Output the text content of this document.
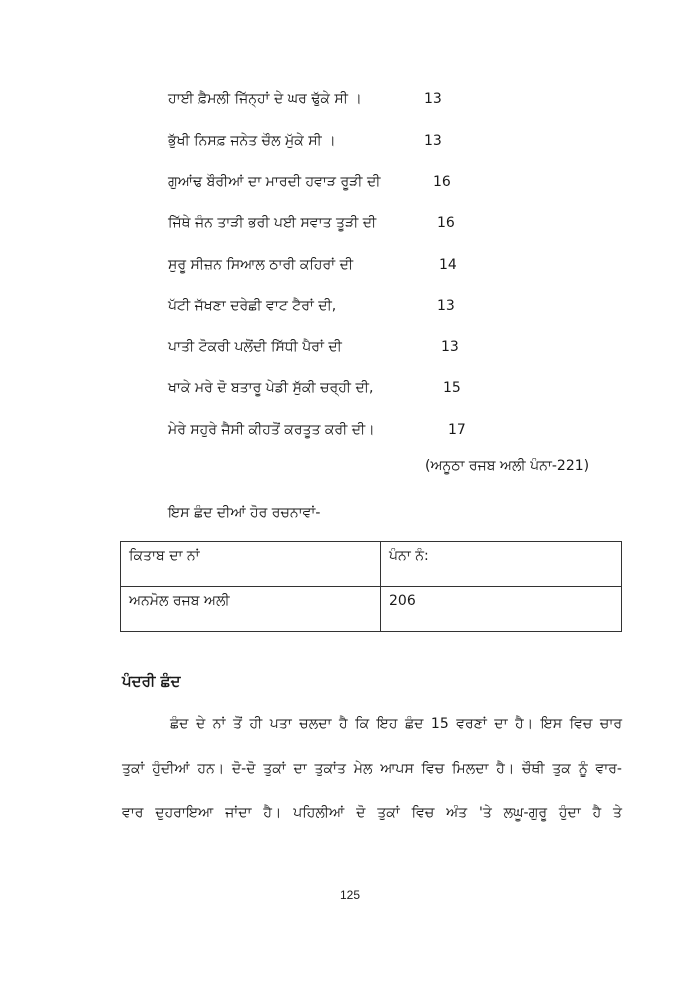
ਹਾਈ ਫ਼ੈਮਲੀ ਜਿੱਨ੍ਹਾਂ ਦੇ ਘਰ ਢੁੱਕੇ ਸੀ ।	13
ਭੁੱਖੀ ਨਿਸਫ਼ ਜਨੇਤ ਚੌਲ ਮੁੱਕੇ ਸੀ ।	13
ਗੁਆਂਢ ਬੌਰੀਆਂ ਦਾ ਮਾਰਦੀ ਹਵਾੜ ਰੂੜੀ ਦੀ	16
ਜਿੱਥੇ ਜੰਨ ਤਾੜੀ ਭਰੀ ਪਈ ਸਵਾਤ ਤੂੜੀ ਦੀ	16
ਸੁਰੂ ਸੀਜ਼ਨ ਸਿਆਲ ਠਾਰੀ ਕਹਿਰਾਂ ਦੀ	14
ਪੱਟੀ ਜੱਖਣਾ ਦਰੇਛੀ ਵਾਟ ਟੈਰਾਂ ਦੀ,	13
ਪਾਤੀ ਟੋਕਰੀ ਪਲੋਂਦੀ ਸਿੱਧੀ ਪੈਰਾਂ ਦੀ	13
ਖਾਕੇ ਮਰੇ ਦੋ ਬਤਾਰੂ ਪੇਡੀ ਸੁੱਕੀ ਚਰ੍ਹੀ ਦੀ,	15
ਮੇਰੇ ਸਹੁਰੇ ਜੈਸੀ ਕੀਹਤੋਂ ਕਰਤੂਤ ਕਰੀ ਦੀ।	17
(ਅਨੂਠਾ ਰਜਬ ਅਲੀ ਪੰਨਾ-221)
ਇਸ ਛੰਦ ਦੀਆਂ ਹੋਰ ਰਚਨਾਵਾਂ-
ਕਿਤਾਬ ਦਾ ਨਾਂ	ਪੰਨਾ ਨੰ:
ਅਨਮੋਲ ਰਜਬ ਅਲੀ	206
ਪੰਦਰੀ ਛੰਦ
ਛੰਦ ਦੇ ਨਾਂ ਤੋਂ ਹੀ ਪਤਾ ਚਲਦਾ ਹੈ ਕਿ ਇਹ ਛੰਦ 15 ਵਰਣਾਂ ਦਾ ਹੈ। ਇਸ ਵਿਚ ਚਾਰ
ਤੁਕਾਂ ਹੁੰਦੀਆਂ ਹਨ। ਦੋ-ਦੋ ਤੁਕਾਂ ਦਾ ਤੁਕਾਂਤ ਮੇਲ ਆਪਸ ਵਿਚ ਮਿਲਦਾ ਹੈ। ਚੌਥੀ ਤੁਕ ਨੂੰ ਵਾਰ-
ਵਾਰ ਦੁਹਰਾਇਆ ਜਾਂਦਾ ਹੈ। ਪਹਿਲੀਆਂ ਦੋ ਤੁਕਾਂ ਵਿਚ ਅੰਤ 'ਤੇ ਲਘੂ-ਗੁਰੂ ਹੁੰਦਾ ਹੈ ਤੇ
125
